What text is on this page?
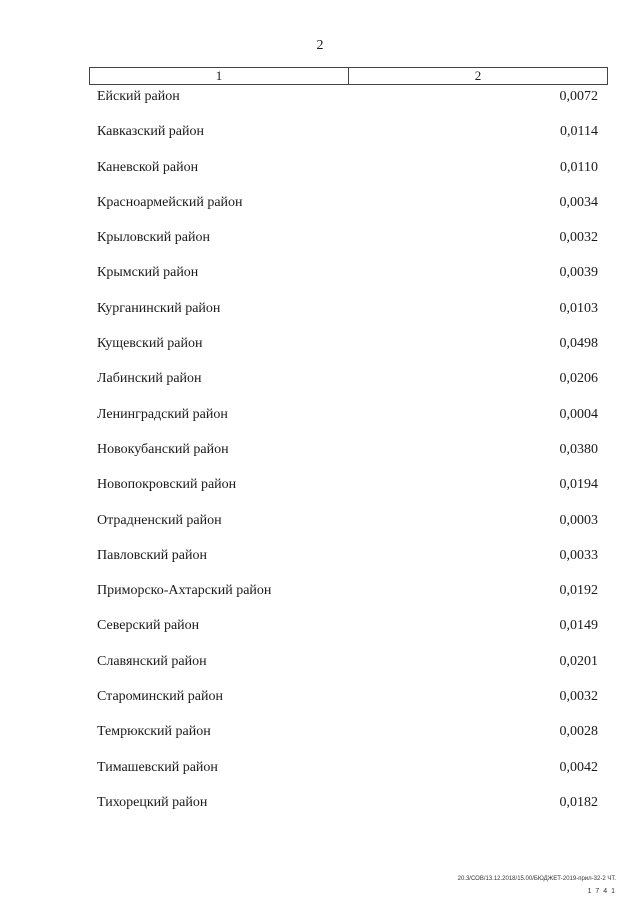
2
1	2
Ейский район	0,0072
Кавказский район	0,0114
Каневской район	0,0110
Красноармейский район	0,0034
Крыловский район	0,0032
Крымский район	0,0039
Курганинский район	0,0103
Кущевский район	0,0498
Лабинский район	0,0206
Ленинградский район	0,0004
Новокубанский район	0,0380
Новопокровский район	0,0194
Отрадненский район	0,0003
Павловский район	0,0033
Приморско-Ахтарский район	0,0192
Северский район	0,0149
Славянский район	0,0201
Староминский район	0,0032
Темрюкский район	0,0028
Тимашевский район	0,0042
Тихорецкий район	0,0182
20.3/СОВ/13.12.2018/15.00/БЮДЖЕТ-2019-прил-32-2 ЧТ.
1 7 4 1
